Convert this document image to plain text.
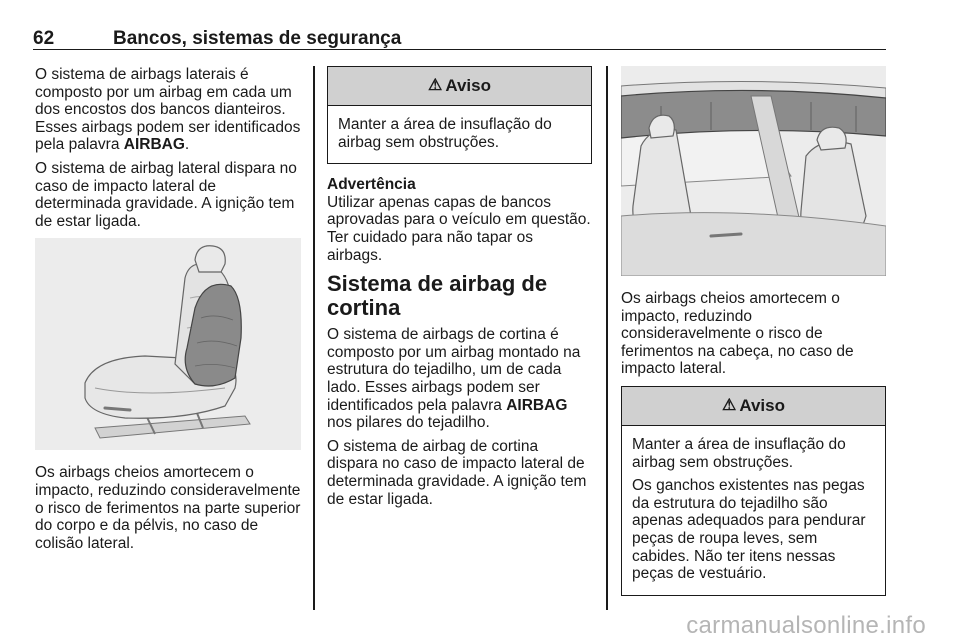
62	Bancos, sistemas de segurança

O sistema de airbags laterais é composto por um airbag em cada um dos encostos dos bancos dianteiros. Esses airbags podem ser identificados pela palavra AIRBAG.

O sistema de airbag lateral dispara no caso de impacto lateral de determinada gravidade. A ignição tem de estar ligada.

Os airbags cheios amortecem o impacto, reduzindo consideravelmente o risco de ferimentos na parte superior do corpo e da pélvis, no caso de colisão lateral.

⚠ Aviso

Manter a área de insuflação do airbag sem obstruções.

Advertência

Utilizar apenas capas de bancos aprovadas para o veículo em questão. Ter cuidado para não tapar os airbags.

Sistema de airbag de cortina

O sistema de airbags de cortina é composto por um airbag montado na estrutura do tejadilho, um de cada lado. Esses airbags podem ser identificados pela palavra AIRBAG nos pilares do tejadilho.

O sistema de airbag de cortina dispara no caso de impacto lateral de determinada gravidade. A ignição tem de estar ligada.

Os airbags cheios amortecem o impacto, reduzindo consideravelmente o risco de ferimentos na cabeça, no caso de impacto lateral.

⚠ Aviso

Manter a área de insuflação do airbag sem obstruções.

Os ganchos existentes nas pegas da estrutura do tejadilho são apenas adequados para pendurar peças de roupa leves, sem cabides. Não ter itens nessas peças de vestuário.

carmanualsonline.info
